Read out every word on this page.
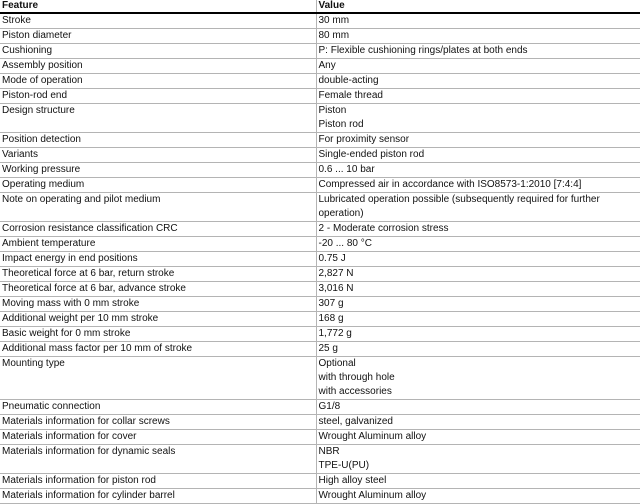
Feature	Value
Stroke	30 mm

Piston diameter	80 mm

Cushioning	P: Flexible cushioning rings/plates at both ends

Assembly position	Any

Mode of operation	double-acting

Piston-rod end	Female thread

Design structure	Piston
Piston rod

Position detection	For proximity sensor

Variants	Single-ended piston rod

Working pressure	0.6 ... 10 bar

Operating medium	Compressed air in accordance with ISO8573-1:2010 [7:4:4]

Note on operating and pilot medium	Lubricated operation possible (subsequently required for further operation)

Corrosion resistance classification CRC	2 - Moderate corrosion stress

Ambient temperature	-20 ... 80 °C

Impact energy in end positions	0.75 J

Theoretical force at 6 bar, return stroke	2,827 N

Theoretical force at 6 bar, advance stroke	3,016 N

Moving mass with 0 mm stroke	307 g

Additional weight per 10 mm stroke	168 g

Basic weight for 0 mm stroke	1,772 g

Additional mass factor per 10 mm of stroke	25 g

Mounting type	Optional
with through hole
with accessories

Pneumatic connection	G1/8

Materials information for collar screws	steel, galvanized

Materials information for cover	Wrought Aluminum alloy

Materials information for dynamic seals	NBR
TPE-U(PU)

Materials information for piston rod	High alloy steel

Materials information for cylinder barrel	Wrought Aluminum alloy
